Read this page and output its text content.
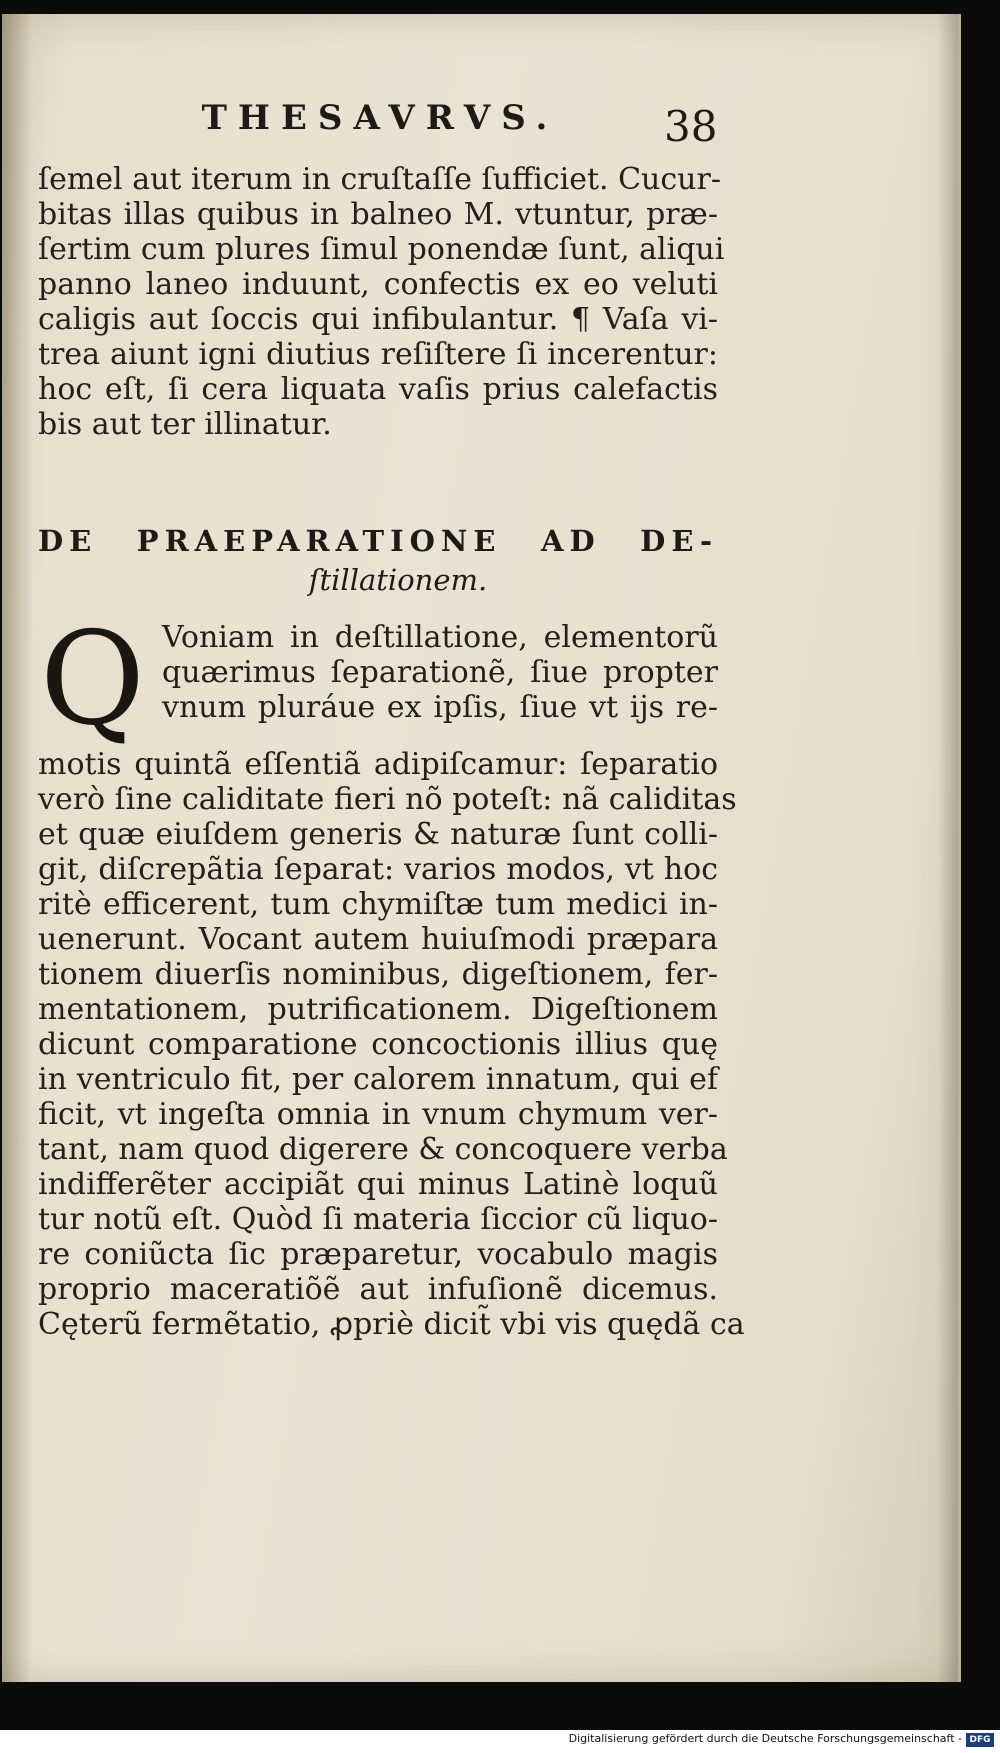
THESAVRVS.	38
ſemel aut iterum in cruſtaſſe ſufficiet. Cucur-
bitas illas quibus in balneo M. vtuntur, præ-
ſertim cum plures ſimul ponendæ ſunt, aliqui
panno laneo induunt, confectis ex eo veluti
caligis aut ſoccis qui infibulantur. ¶ Vaſa vi-
trea aiunt igni diutius reſiſtere ſi incerentur:
hoc eſt, ſi cera liquata vaſis prius calefactis
bis aut ter illinatur.
DE PRAEPARATIONE AD DE-
ſtillationem.
Q Voniam in deſtillatione, elementorũ
quærimus ſeparationẽ, ſiue propter
vnum pluráue ex ipſis, ſiue vt ijs re-
motis quintã eſſentiã adipiſcamur: ſeparatio
verò ſine caliditate fieri nõ poteſt: nã caliditas
et quæ eiuſdem generis & naturæ ſunt colli-
git, diſcrepãtia ſeparat: varios modos, vt hoc
ritè efficerent, tum chymiſtæ tum medici in-
uenerunt. Vocant autem huiuſmodi præpara
tionem diuerſis nominibus, digeſtionem, fer-
mentationem, putrificationem. Digeſtionem
dicunt comparatione concoctionis illius quę
in ventriculo fit, per calorem innatum, qui ef
ficit, vt ingeſta omnia in vnum chymum ver-
tant, nam quod digerere & concoquere verba
indifferẽter accipiãt qui minus Latinè loquũ
tur notũ eſt. Quòd ſi materia ſiccior cũ liquo-
re coniũcta ſic præparetur, vocabulo magis
proprio maceratiõẽ aut infuſionẽ dicemus.
Cęterũ fermẽtatio, ꝓpriè dicit̃ vbi vis quędã ca
Digitalisierung gefördert durch die Deutsche Forschungsgemeinschaft - DFG
